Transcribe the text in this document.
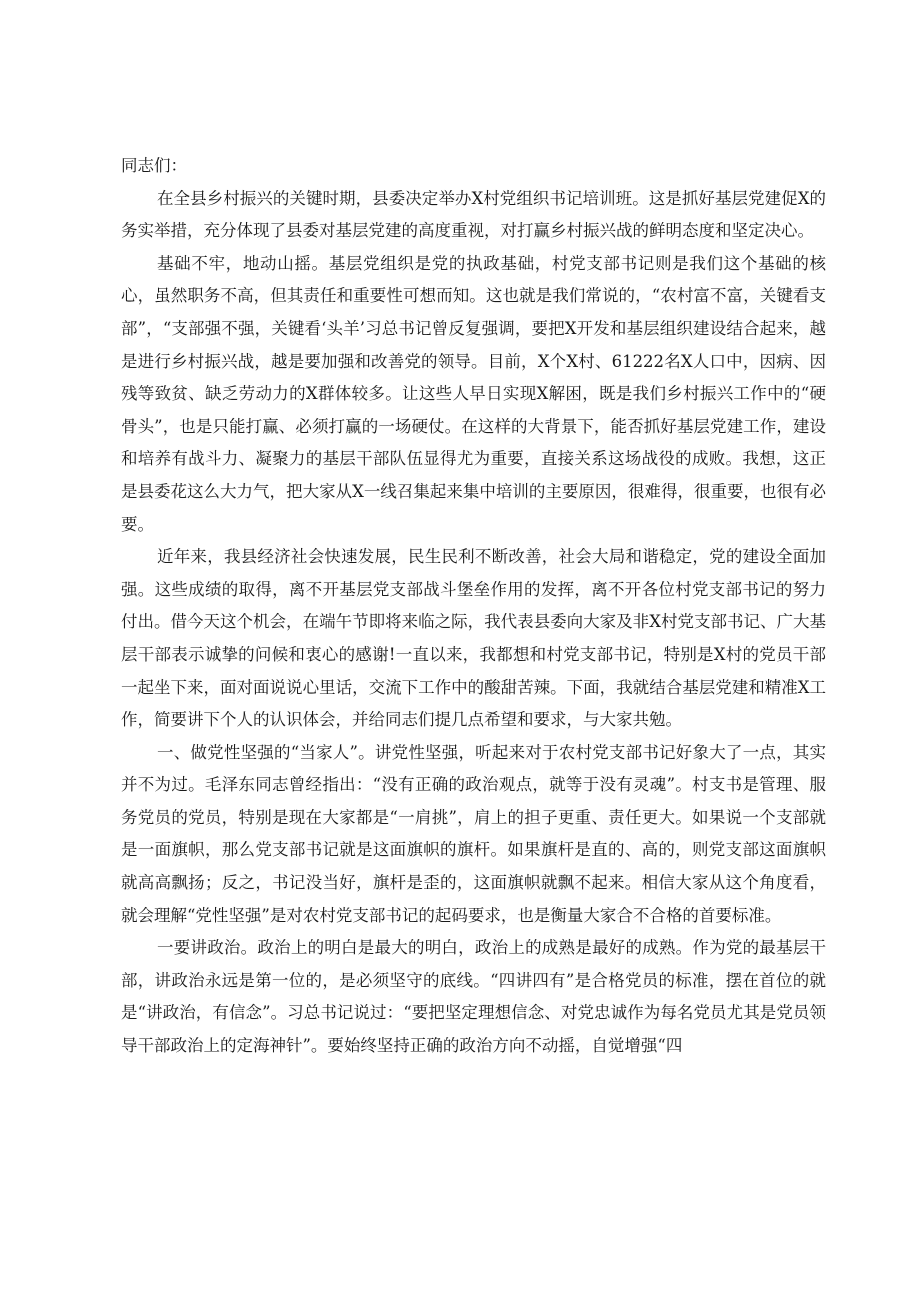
同志们：

在全县乡村振兴的关键时期，县委决定举办X村党组织书记培训班。这是抓好基层党建促X的务实举措，充分体现了县委对基层党建的高度重视，对打赢乡村振兴战的鲜明态度和坚定决心。

基础不牢，地动山摇。基层党组织是党的执政基础，村党支部书记则是我们这个基础的核心，虽然职务不高，但其责任和重要性可想而知。这也就是我们常说的，“农村富不富，关键看支部”，“支部强不强，关键看‘头羊’习总书记曾反复强调，要把X开发和基层组织建设结合起来，越是进行乡村振兴战，越是要加强和改善党的领导。目前，X个X村、61222名X人口中，因病、因残等致贫、缺乏劳动力的X群体较多。让这些人早日实现X解困，既是我们乡村振兴工作中的“硬骨头”，也是只能打赢、必须打赢的一场硬仗。在这样的大背景下，能否抓好基层党建工作，建设和培养有战斗力、凝聚力的基层干部队伍显得尤为重要，直接关系这场战役的成败。我想，这正是县委花这么大力气，把大家从X一线召集起来集中培训的主要原因，很难得，很重要，也很有必要。

近年来，我县经济社会快速发展，民生民利不断改善，社会大局和谐稳定，党的建设全面加强。这些成绩的取得，离不开基层党支部战斗堡垒作用的发挥，离不开各位村党支部书记的努力付出。借今天这个机会，在端午节即将来临之际，我代表县委向大家及非X村党支部书记、广大基层干部表示诚挚的问候和衷心的感谢!一直以来，我都想和村党支部书记，特别是X村的党员干部一起坐下来，面对面说说心里话，交流下工作中的酸甜苦辣。下面，我就结合基层党建和精准X工作，简要讲下个人的认识体会，并给同志们提几点希望和要求，与大家共勉。

一、做党性坚强的“当家人”。讲党性坚强，听起来对于农村党支部书记好象大了一点，其实并不为过。毛泽东同志曾经指出：“没有正确的政治观点，就等于没有灵魂”。村支书是管理、服务党员的党员，特别是现在大家都是“一肩挑”，肩上的担子更重、责任更大。如果说一个支部就是一面旗帜，那么党支部书记就是这面旗帜的旗杆。如果旗杆是直的、高的，则党支部这面旗帜就高高飘扬；反之，书记没当好，旗杆是歪的，这面旗帜就飘不起来。相信大家从这个角度看，就会理解“党性坚强”是对农村党支部书记的起码要求，也是衡量大家合不合格的首要标准。

一要讲政治。政治上的明白是最大的明白，政治上的成熟是最好的成熟。作为党的最基层干部，讲政治永远是第一位的，是必须坚守的底线。“四讲四有”是合格党员的标准，摆在首位的就是“讲政治，有信念”。习总书记说过：“要把坚定理想信念、对党忠诚作为每名党员尤其是党员领导干部政治上的定海神针”。要始终坚持正确的政治方向不动摇，自觉增强“四
